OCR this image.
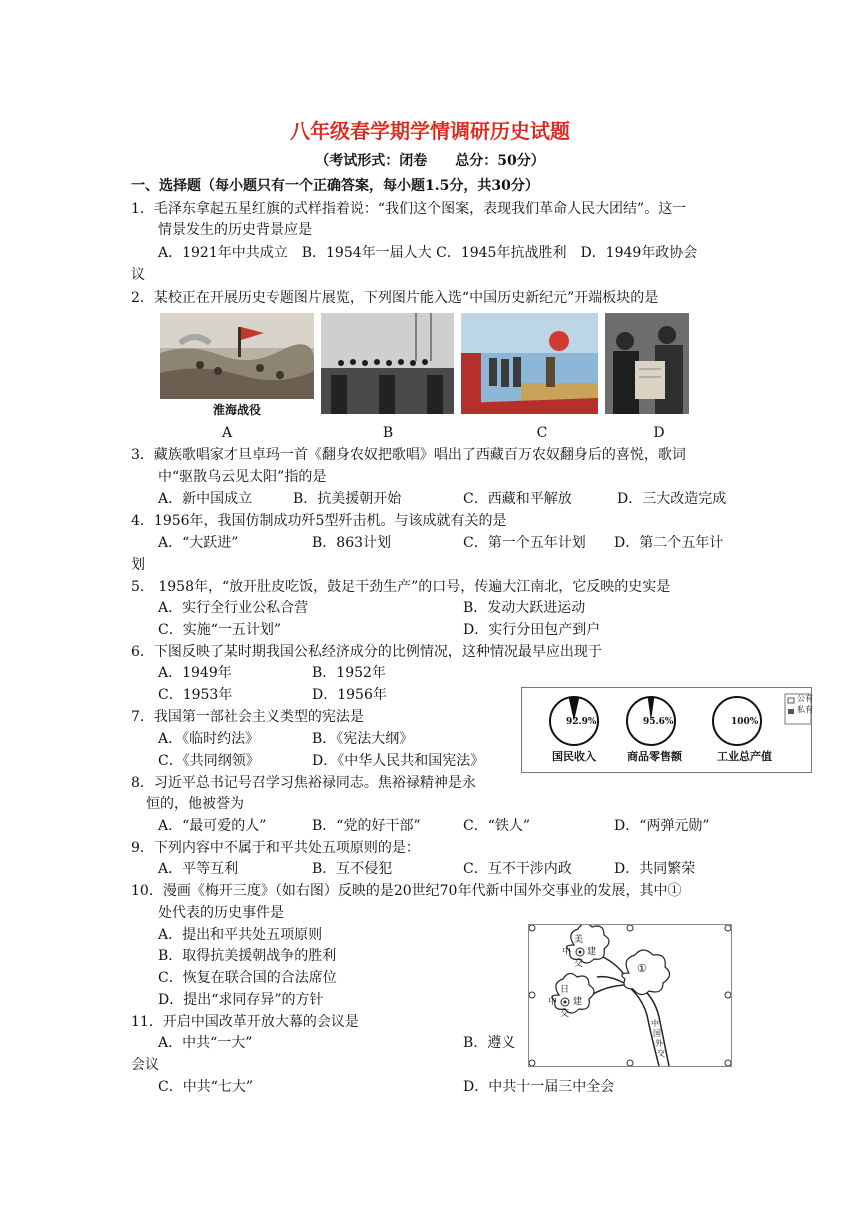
八年级春学期学情调研历史试题
（考试形式：闭卷　　总分：50分）
一、选择题（每小题只有一个正确答案，每小题1.5分，共30分）
1．毛泽东拿起五星红旗的式样指着说：“我们这个图案，表现我们革命人民大团结”。这一
情景发生的历史背景应是
A．1921年中共成立　B．1954年一届人大 C．1945年抗战胜利　D．1949年政协会
议
2．某校正在开展历史专题图片展览，下列图片能入选“中国历史新纪元”开端板块的是
淮海战役
A	B	C	D
3．藏族歌唱家才旦卓玛一首《翻身农奴把歌唱》唱出了西藏百万农奴翻身后的喜悦，歌词
中“驱散乌云见太阳”指的是
A．新中国成立	B．抗美援朝开始	C．西藏和平解放	D．三大改造完成
4．1956年，我国仿制成功歼5型歼击机。与该成就有关的是
A．“大跃进”	B．863计划	C．第一个五年计划 D．第二个五年计
划
5． 1958年，“放开肚皮吃饭，鼓足干劲生产”的口号，传遍大江南北，它反映的史实是
A．实行全行业公私合营	B．发动大跃进运动
C．实施“一五计划”	D．实行分田包产到户
6．下图反映了某时期我国公私经济成分的比例情况，这种情况最早应出现于
A．1949年	B．1952年
C．1953年	D．1956年	公有
私有
92.9%	95.6%	100%
国民收入	商品零售额	工业总产值
7．我国第一部社会主义类型的宪法是
A．《临时约法》	B．《宪法大纲》
C．《共同纲领》	D．《中华人民共和国宪法》
8．习近平总书记号召学习焦裕禄同志。焦裕禄精神是永
恒的，他被誉为
A．“最可爱的人”	B．“党的好干部”	C．“铁人”	D．“两弹元勋”
9．下列内容中不属于和平共处五项原则的是：
A．平等互利	B．互不侵犯	C．互不干涉内政	D．共同繁荣
10．漫画《梅开三度》（如右图）反映的是20世纪70年代新中国外交事业的发展，其中①
处代表的历史事件是
A．提出和平共处五项原则
B．取得抗美援朝战争的胜利
C．恢复在联合国的合法席位
D．提出“求同存异”的方针
美
中 建
交
日
中 建
交
①
中
国
外
交
11．开启中国改革开放大幕的会议是
A．中共“一大”	B．遵义
会议
C．中共“七大”	D．中共十一届三中全会
